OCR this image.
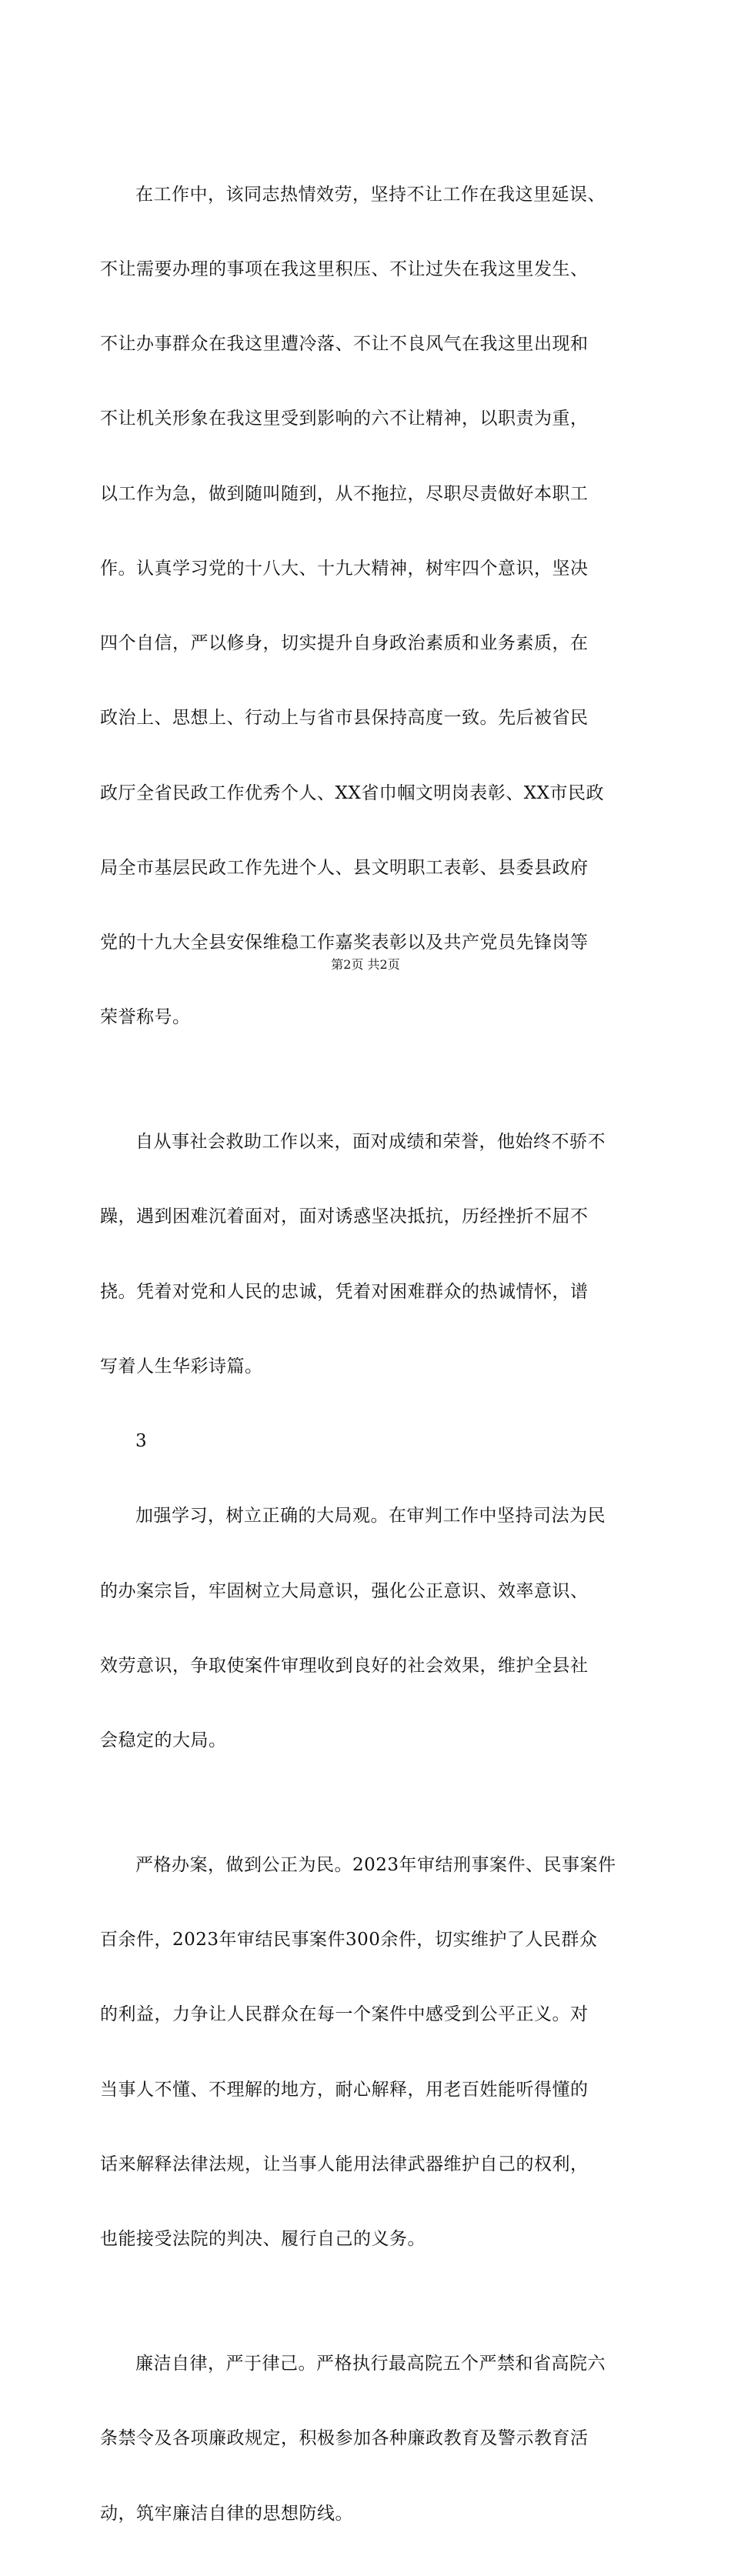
在工作中，该同志热情效劳，坚持不让工作在我这里延误、

不让需要办理的事项在我这里积压、不让过失在我这里发生、

不让办事群众在我这里遭冷落、不让不良风气在我这里出现和

不让机关形象在我这里受到影响的六不让精神，以职责为重，

以工作为急，做到随叫随到，从不拖拉，尽职尽责做好本职工

作。认真学习党的十八大、十九大精神，树牢四个意识，坚决

四个自信，严以修身，切实提升自身政治素质和业务素质，在

政治上、思想上、行动上与省市县保持高度一致。先后被省民

政厅全省民政工作优秀个人、XX省巾帼文明岗表彰、XX市民政

局全市基层民政工作先进个人、县文明职工表彰、县委县政府

党的十九大全县安保维稳工作嘉奖表彰以及共产党员先锋岗等

荣誉称号。

自从事社会救助工作以来，面对成绩和荣誉，他始终不骄不

躁，遇到困难沉着面对，面对诱惑坚决抵抗，历经挫折不屈不

挠。凭着对党和人民的忠诚，凭着对困难群众的热诚情怀，谱

写着人生华彩诗篇。

3

加强学习，树立正确的大局观。在审判工作中坚持司法为民

的办案宗旨，牢固树立大局意识，强化公正意识、效率意识、

效劳意识，争取使案件审理收到良好的社会效果，维护全县社

会稳定的大局。

严格办案，做到公正为民。2023年审结刑事案件、民事案件

百余件，2023年审结民事案件300余件，切实维护了人民群众

的利益，力争让人民群众在每一个案件中感受到公平正义。对

当事人不懂、不理解的地方，耐心解释，用老百姓能听得懂的

话来解释法律法规，让当事人能用法律武器维护自己的权利，

也能接受法院的判决、履行自己的义务。

廉洁自律，严于律己。严格执行最高院五个严禁和省高院六

条禁令及各项廉政规定，积极参加各种廉政教育及警示教育活

动，筑牢廉洁自律的思想防线。

第2页 共2页
